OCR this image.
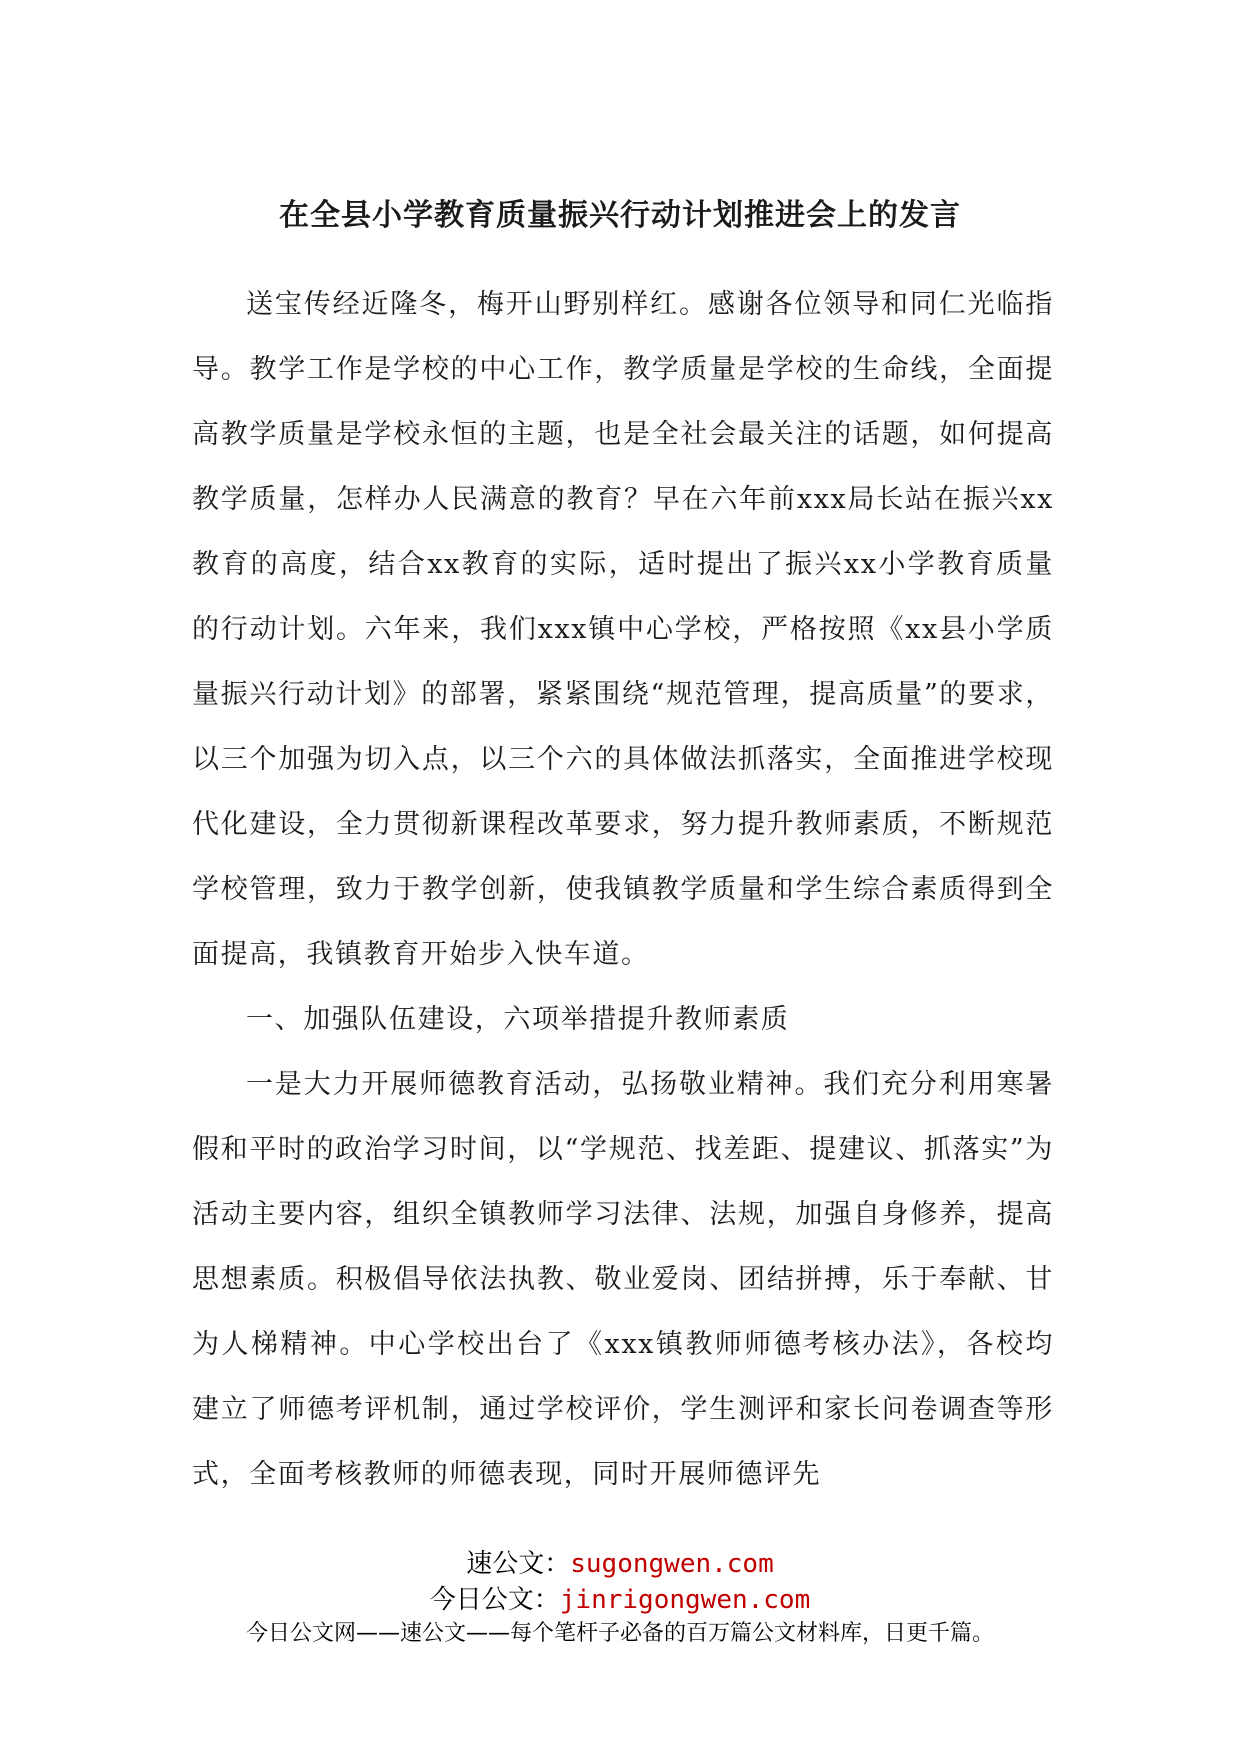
在全县小学教育质量振兴行动计划推进会上的发言

送宝传经近隆冬，梅开山野别样红。感谢各位领导和同仁光临指导。教学工作是学校的中心工作，教学质量是学校的生命线，全面提高教学质量是学校永恒的主题，也是全社会最关注的话题，如何提高教学质量，怎样办人民满意的教育？早在六年前xxx局长站在振兴xx教育的高度，结合xx教育的实际，适时提出了振兴xx小学教育质量的行动计划。六年来，我们xxx镇中心学校，严格按照《xx县小学质量振兴行动计划》的部署，紧紧围绕“规范管理，提高质量”的要求，以三个加强为切入点，以三个六的具体做法抓落实，全面推进学校现代化建设，全力贯彻新课程改革要求，努力提升教师素质，不断规范学校管理，致力于教学创新，使我镇教学质量和学生综合素质得到全面提高，我镇教育开始步入快车道。

一、加强队伍建设，六项举措提升教师素质

一是大力开展师德教育活动，弘扬敬业精神。我们充分利用寒暑假和平时的政治学习时间，以“学规范、找差距、提建议、抓落实”为活动主要内容，组织全镇教师学习法律、法规，加强自身修养，提高思想素质。积极倡导依法执教、敬业爱岗、团结拼搏，乐于奉献、甘为人梯精神。中心学校出台了《xxx镇教师师德考核办法》，各校均建立了师德考评机制，通过学校评价，学生测评和家长问卷调查等形式，全面考核教师的师德表现，同时开展师德评先

速公文：sugongwen.com
今日公文：jinrigongwen.com
今日公文网——速公文——每个笔杆子必备的百万篇公文材料库，日更千篇。
